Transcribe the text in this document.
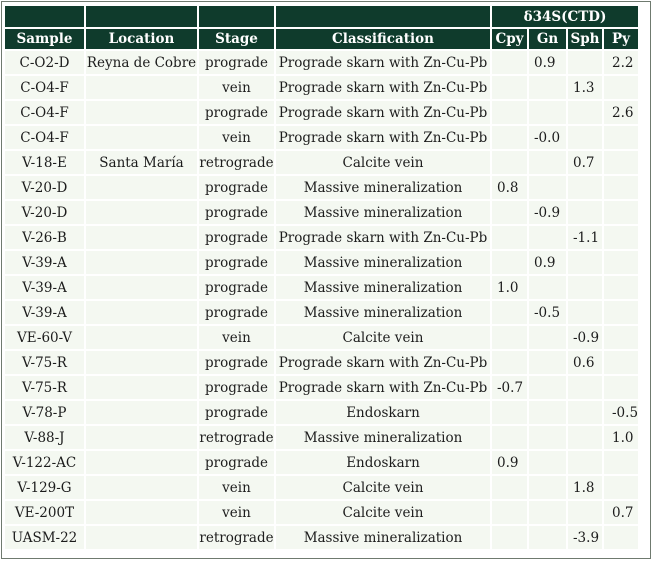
				δ34S(CTD)			
Sample	Location	Stage	Classification	Cpy	Gn	Sph	Py
C-O2-D	Reyna de Cobre	prograde	Prograde skarn with Zn-Cu-Pb		0.9		2.2
C-O4-F		vein	Prograde skarn with Zn-Cu-Pb			1.3	
C-O4-F		prograde	Prograde skarn with Zn-Cu-Pb				2.6
C-O4-F		vein	Prograde skarn with Zn-Cu-Pb		-0.0		
V-18-E	Santa María	retrograde	Calcite vein			0.7	
V-20-D		prograde	Massive mineralization	0.8			
V-20-D		prograde	Massive mineralization		-0.9		
V-26-B		prograde	Prograde skarn with Zn-Cu-Pb			-1.1	
V-39-A		prograde	Massive mineralization		0.9		
V-39-A		prograde	Massive mineralization	1.0			
V-39-A		prograde	Massive mineralization		-0.5		
VE-60-V		vein	Calcite vein			-0.9	
V-75-R		prograde	Prograde skarn with Zn-Cu-Pb			0.6	
V-75-R		prograde	Prograde skarn with Zn-Cu-Pb	-0.7			
V-78-P		prograde	Endoskarn				-0.5
V-88-J		retrograde	Massive mineralization				1.0
V-122-AC		prograde	Endoskarn	0.9			
V-129-G		vein	Calcite vein			1.8	
VE-200T		vein	Calcite vein				0.7
UASM-22		retrograde	Massive mineralization			-3.9	
